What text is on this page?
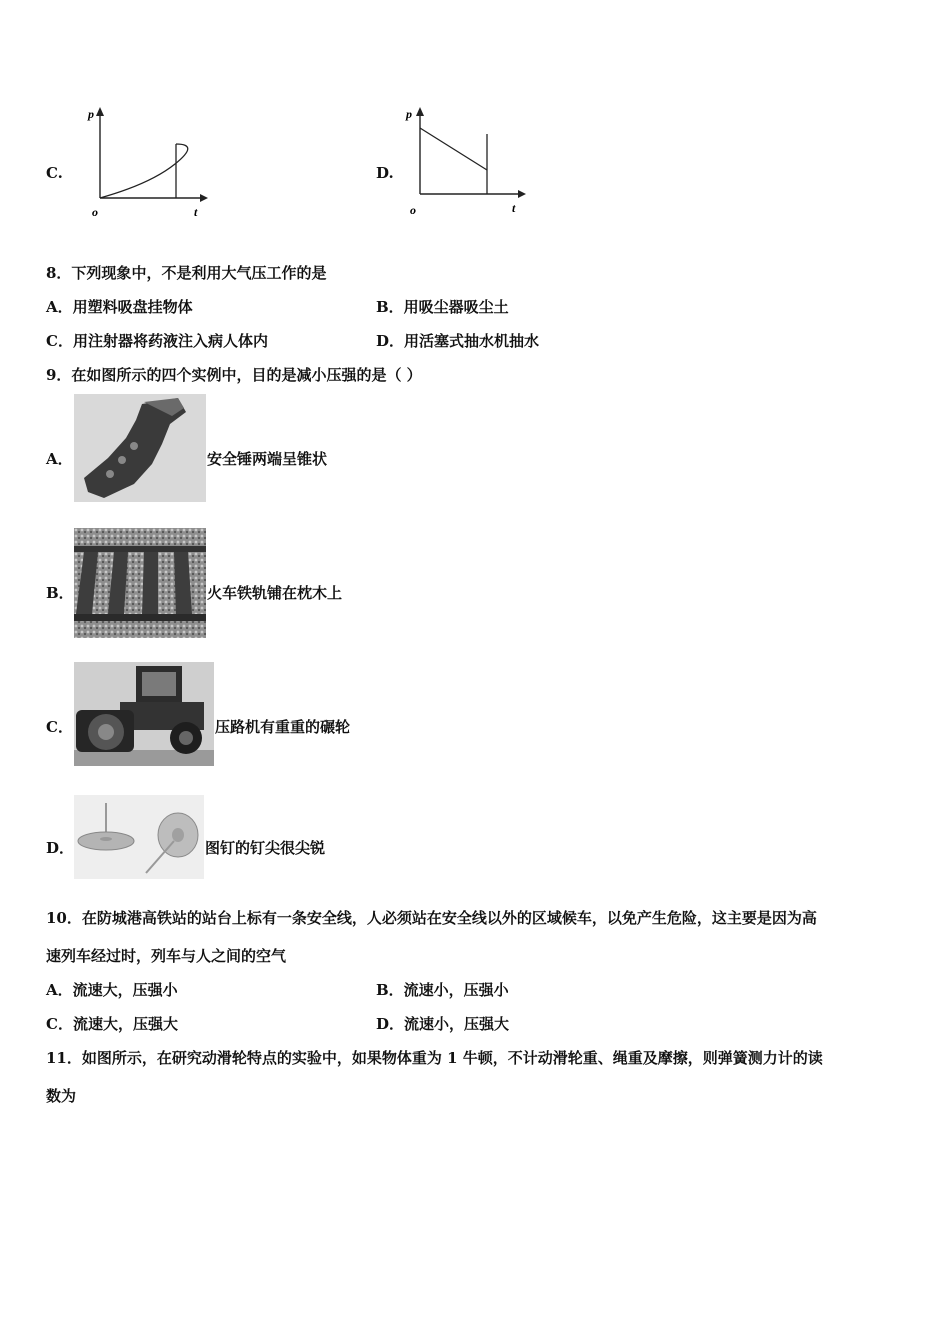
C.
p
o	t
D.
p
o	t
8．下列现象中，不是利用大气压工作的是
A．用塑料吸盘挂物体	B．用吸尘器吸尘土
C．用注射器将药液注入病人体内	D．用活塞式抽水机抽水
9．在如图所示的四个实例中，目的是减小压强的是（ ）
A．	安全锤两端呈锥状
B．	火车铁轨铺在枕木上
C．	压路机有重重的碾轮
D．	图钉的钉尖很尖锐
10．在防城港高铁站的站台上标有一条安全线，人必须站在安全线以外的区域候车，以免产生危险，这主要是因为高
速列车经过时，列车与人之间的空气
A．流速大，压强小	B．流速小，压强小
C．流速大，压强大	D．流速小，压强大
11．如图所示，在研究动滑轮特点的实验中，如果物体重为 1 牛顿，不计动滑轮重、绳重及摩擦，则弹簧测力计的读
数为
